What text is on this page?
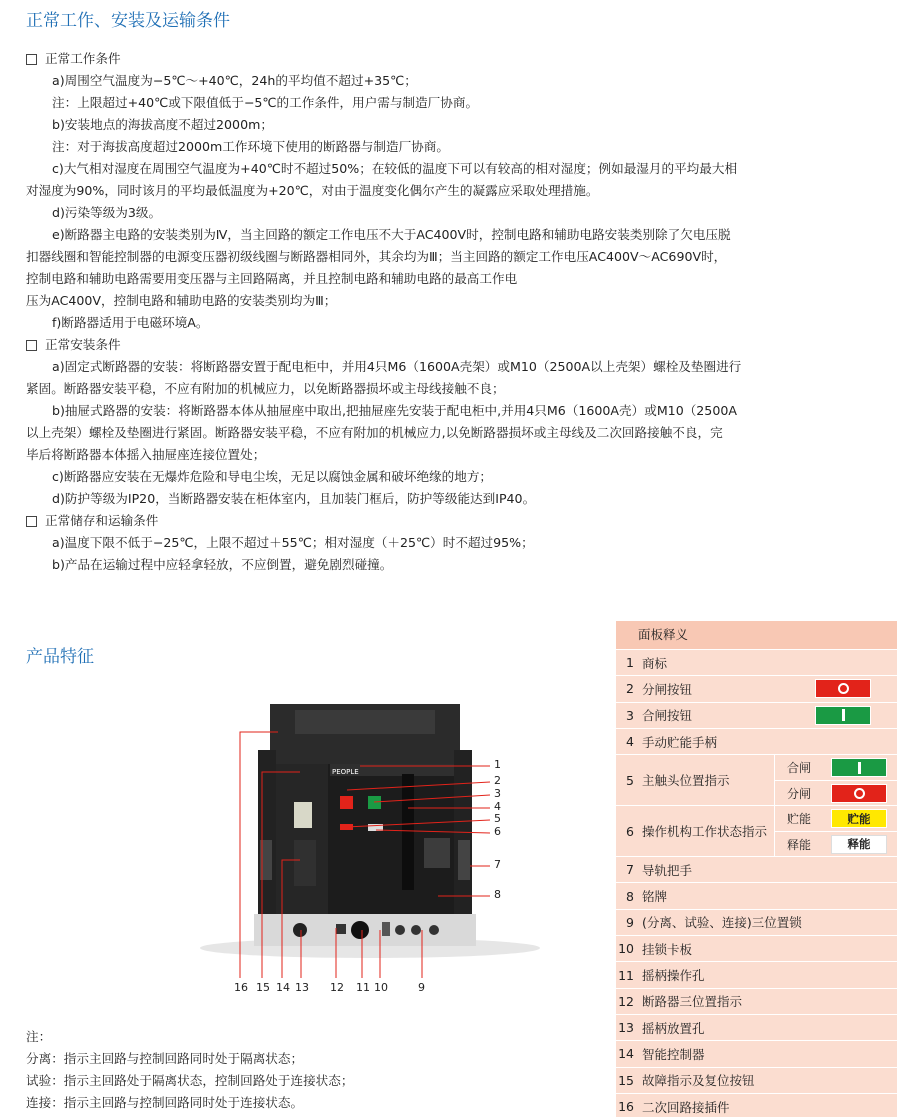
正常工作、安装及运输条件
正常工作条件
a)周围空气温度为−5℃～+40℃，24h的平均值不超过+35℃；
注：上限超过+40℃或下限值低于−5℃的工作条件，用户需与制造厂协商。
b)安装地点的海拔高度不超过2000m；
注：对于海拔高度超过2000m工作环境下使用的断路器与制造厂协商。
c)大气相对湿度在周围空气温度为+40℃时不超过50%；在较低的温度下可以有较高的相对湿度；例如最湿月的平均最大相
对湿度为90%，同时该月的平均最低温度为+20℃，对由于温度变化偶尔产生的凝露应采取处理措施。
d)污染等级为3级。
e)断路器主电路的安装类别为Ⅳ，当主回路的额定工作电压不大于AC400V时，控制电路和辅助电路安装类别除了欠电压脱
扣器线圈和智能控制器的电源变压器初级线圈与断路器相同外，其余均为Ⅲ；当主回路的额定工作电压AC400V～AC690V时，
控制电路和辅助电路需要用变压器与主回路隔离，并且控制电路和辅助电路的最高工作电
压为AC400V，控制电路和辅助电路的安装类别均为Ⅲ；
f)断路器适用于电磁环境A。
正常安装条件
a)固定式断路器的安装：将断路器安置于配电柜中，并用4只M6（1600A壳架）或M10（2500A以上壳架）螺栓及垫圈进行
紧固。断路器安装平稳，不应有附加的机械应力，以免断路器损坏或主母线接触不良；
b)抽屉式路器的安装：将断路器本体从抽屉座中取出,把抽屉座先安装于配电柜中,并用4只M6（1600A壳）或M10（2500A
以上壳架）螺栓及垫圈进行紧固。断路器安装平稳，不应有附加的机械应力,以免断路器损坏或主母线及二次回路接触不良，完
毕后将断路器本体摇入抽屉座连接位置处；
c)断路器应安装在无爆炸危险和导电尘埃，无足以腐蚀金属和破坏绝缘的地方；
d)防护等级为IP20，当断路器安装在柜体室内，且加装门框后，防护等级能达到IP40。
正常储存和运输条件
a)温度下限不低于−25℃，上限不超过＋55℃；相对湿度（＋25℃）时不超过95%；
b)产品在运输过程中应轻拿轻放，不应倒置，避免剧烈碰撞。
产品特征
PEOPLE
1
2
3
4
5
6
7
8
16 15 14 13 12 11 10	9
面板释义
1 商标
2 分闸按钮
3 合闸按钮
4 手动贮能手柄
5 主触头位置指示
合闸
分闸
6 操作机构工作状态指示
贮能	贮能
释能	释能
7 导轨把手
8 铭牌
9 (分离、试验、连接)三位置锁
10 挂锁卡板
11 摇柄操作孔
12 断路器三位置指示
13 摇柄放置孔
14 智能控制器
15 故障指示及复位按钮
16 二次回路接插件
注：
分离：指示主回路与控制回路同时处于隔离状态；
试验：指示主回路处于隔离状态，控制回路处于连接状态；
连接：指示主回路与控制回路同时处于连接状态。
